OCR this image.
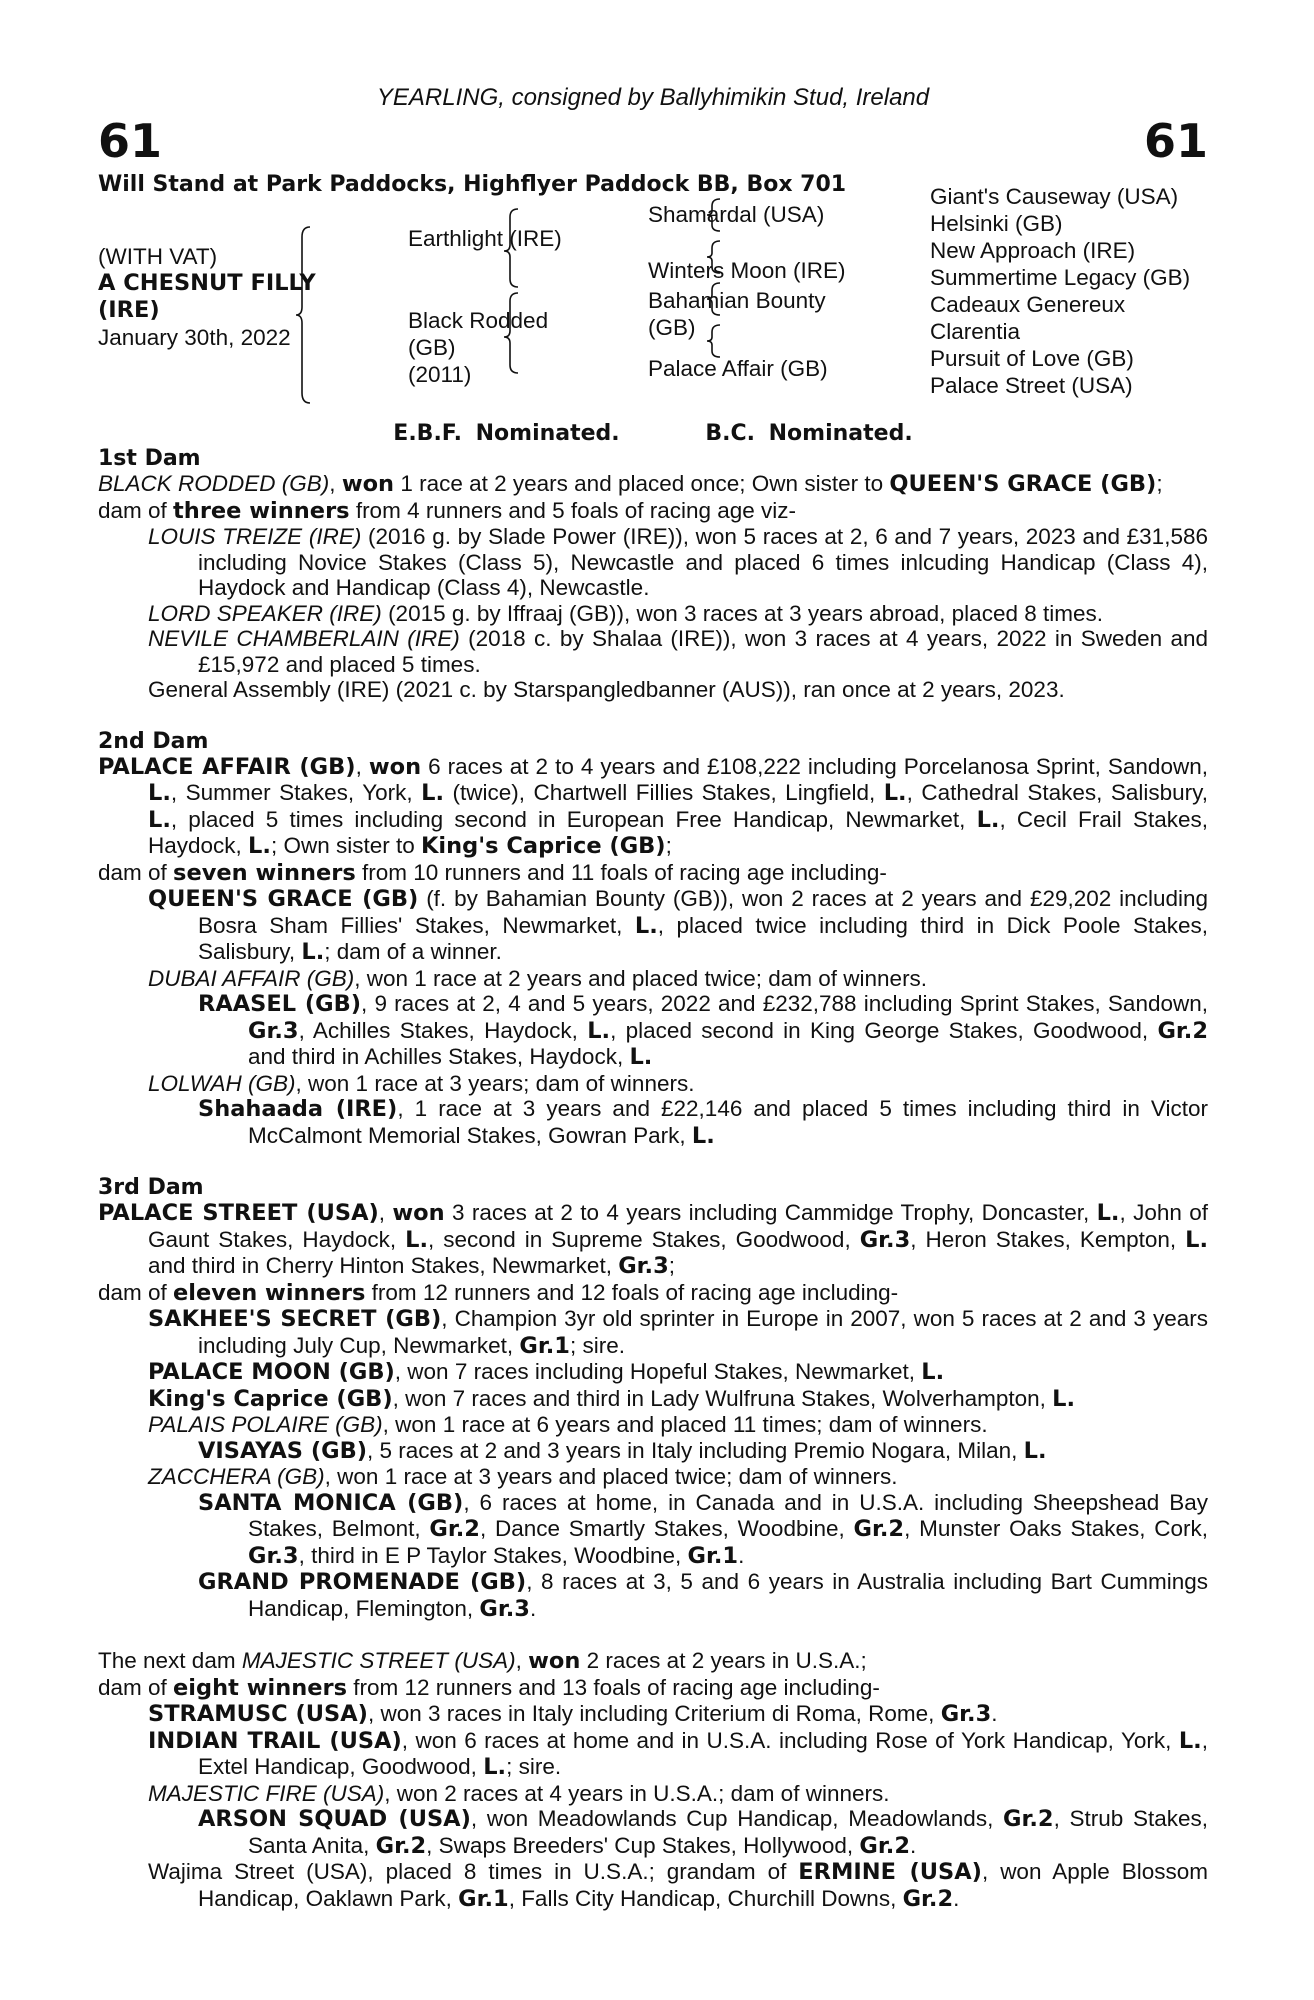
YEARLING, consigned by Ballyhimikin Stud, Ireland
61	61
Will Stand at Park Paddocks, Highflyer Paddock BB, Box 701
(WITH VAT)
A CHESNUT FILLY
(IRE)
January 30th, 2022
Earthlight (IRE)
Black Rodded
(GB)
(2011)
Shamardal (USA)
Winters Moon (IRE)
Bahamian Bounty
(GB)
Palace Affair (GB)
Giant's Causeway (USA)
Helsinki (GB)
New Approach (IRE)
Summertime Legacy (GB)
Cadeaux Genereux
Clarentia
Pursuit of Love (GB)
Palace Street (USA)
E.B.F. Nominated.	B.C. Nominated.
1st Dam
BLACK RODDED (GB), won 1 race at 2 years and placed once; Own sister to QUEEN'S GRACE (GB);
dam of three winners from 4 runners and 5 foals of racing age viz-
LOUIS TREIZE (IRE) (2016 g. by Slade Power (IRE)), won 5 races at 2, 6 and 7 years, 2023 and £31,586 including Novice Stakes (Class 5), Newcastle and placed 6 times inlcuding Handicap (Class 4), Haydock and Handicap (Class 4), Newcastle.
LORD SPEAKER (IRE) (2015 g. by Iffraaj (GB)), won 3 races at 3 years abroad, placed 8 times.
NEVILE CHAMBERLAIN (IRE) (2018 c. by Shalaa (IRE)), won 3 races at 4 years, 2022 in Sweden and £15,972 and placed 5 times.
General Assembly (IRE) (2021 c. by Starspangledbanner (AUS)), ran once at 2 years, 2023.
2nd Dam
PALACE AFFAIR (GB), won 6 races at 2 to 4 years and £108,222 including Porcelanosa Sprint, Sandown, L., Summer Stakes, York, L. (twice), Chartwell Fillies Stakes, Lingfield, L., Cathedral Stakes, Salisbury, L., placed 5 times including second in European Free Handicap, Newmarket, L., Cecil Frail Stakes, Haydock, L.; Own sister to King's Caprice (GB);
dam of seven winners from 10 runners and 11 foals of racing age including-
QUEEN'S GRACE (GB) (f. by Bahamian Bounty (GB)), won 2 races at 2 years and £29,202 including Bosra Sham Fillies' Stakes, Newmarket, L., placed twice including third in Dick Poole Stakes, Salisbury, L.; dam of a winner.
DUBAI AFFAIR (GB), won 1 race at 2 years and placed twice; dam of winners.
RAASEL (GB), 9 races at 2, 4 and 5 years, 2022 and £232,788 including Sprint Stakes, Sandown, Gr.3, Achilles Stakes, Haydock, L., placed second in King George Stakes, Goodwood, Gr.2 and third in Achilles Stakes, Haydock, L.
LOLWAH (GB), won 1 race at 3 years; dam of winners.
Shahaada (IRE), 1 race at 3 years and £22,146 and placed 5 times including third in Victor McCalmont Memorial Stakes, Gowran Park, L.
3rd Dam
PALACE STREET (USA), won 3 races at 2 to 4 years including Cammidge Trophy, Doncaster, L., John of Gaunt Stakes, Haydock, L., second in Supreme Stakes, Goodwood, Gr.3, Heron Stakes, Kempton, L. and third in Cherry Hinton Stakes, Newmarket, Gr.3;
dam of eleven winners from 12 runners and 12 foals of racing age including-
SAKHEE'S SECRET (GB), Champion 3yr old sprinter in Europe in 2007, won 5 races at 2 and 3 years including July Cup, Newmarket, Gr.1; sire.
PALACE MOON (GB), won 7 races including Hopeful Stakes, Newmarket, L.
King's Caprice (GB), won 7 races and third in Lady Wulfruna Stakes, Wolverhampton, L.
PALAIS POLAIRE (GB), won 1 race at 6 years and placed 11 times; dam of winners.
VISAYAS (GB), 5 races at 2 and 3 years in Italy including Premio Nogara, Milan, L.
ZACCHERA (GB), won 1 race at 3 years and placed twice; dam of winners.
SANTA MONICA (GB), 6 races at home, in Canada and in U.S.A. including Sheepshead Bay Stakes, Belmont, Gr.2, Dance Smartly Stakes, Woodbine, Gr.2, Munster Oaks Stakes, Cork, Gr.3, third in E P Taylor Stakes, Woodbine, Gr.1.
GRAND PROMENADE (GB), 8 races at 3, 5 and 6 years in Australia including Bart Cummings Handicap, Flemington, Gr.3.
The next dam MAJESTIC STREET (USA), won 2 races at 2 years in U.S.A.;
dam of eight winners from 12 runners and 13 foals of racing age including-
STRAMUSC (USA), won 3 races in Italy including Criterium di Roma, Rome, Gr.3.
INDIAN TRAIL (USA), won 6 races at home and in U.S.A. including Rose of York Handicap, York, L., Extel Handicap, Goodwood, L.; sire.
MAJESTIC FIRE (USA), won 2 races at 4 years in U.S.A.; dam of winners.
ARSON SQUAD (USA), won Meadowlands Cup Handicap, Meadowlands, Gr.2, Strub Stakes, Santa Anita, Gr.2, Swaps Breeders' Cup Stakes, Hollywood, Gr.2.
Wajima Street (USA), placed 8 times in U.S.A.; grandam of ERMINE (USA), won Apple Blossom Handicap, Oaklawn Park, Gr.1, Falls City Handicap, Churchill Downs, Gr.2.
